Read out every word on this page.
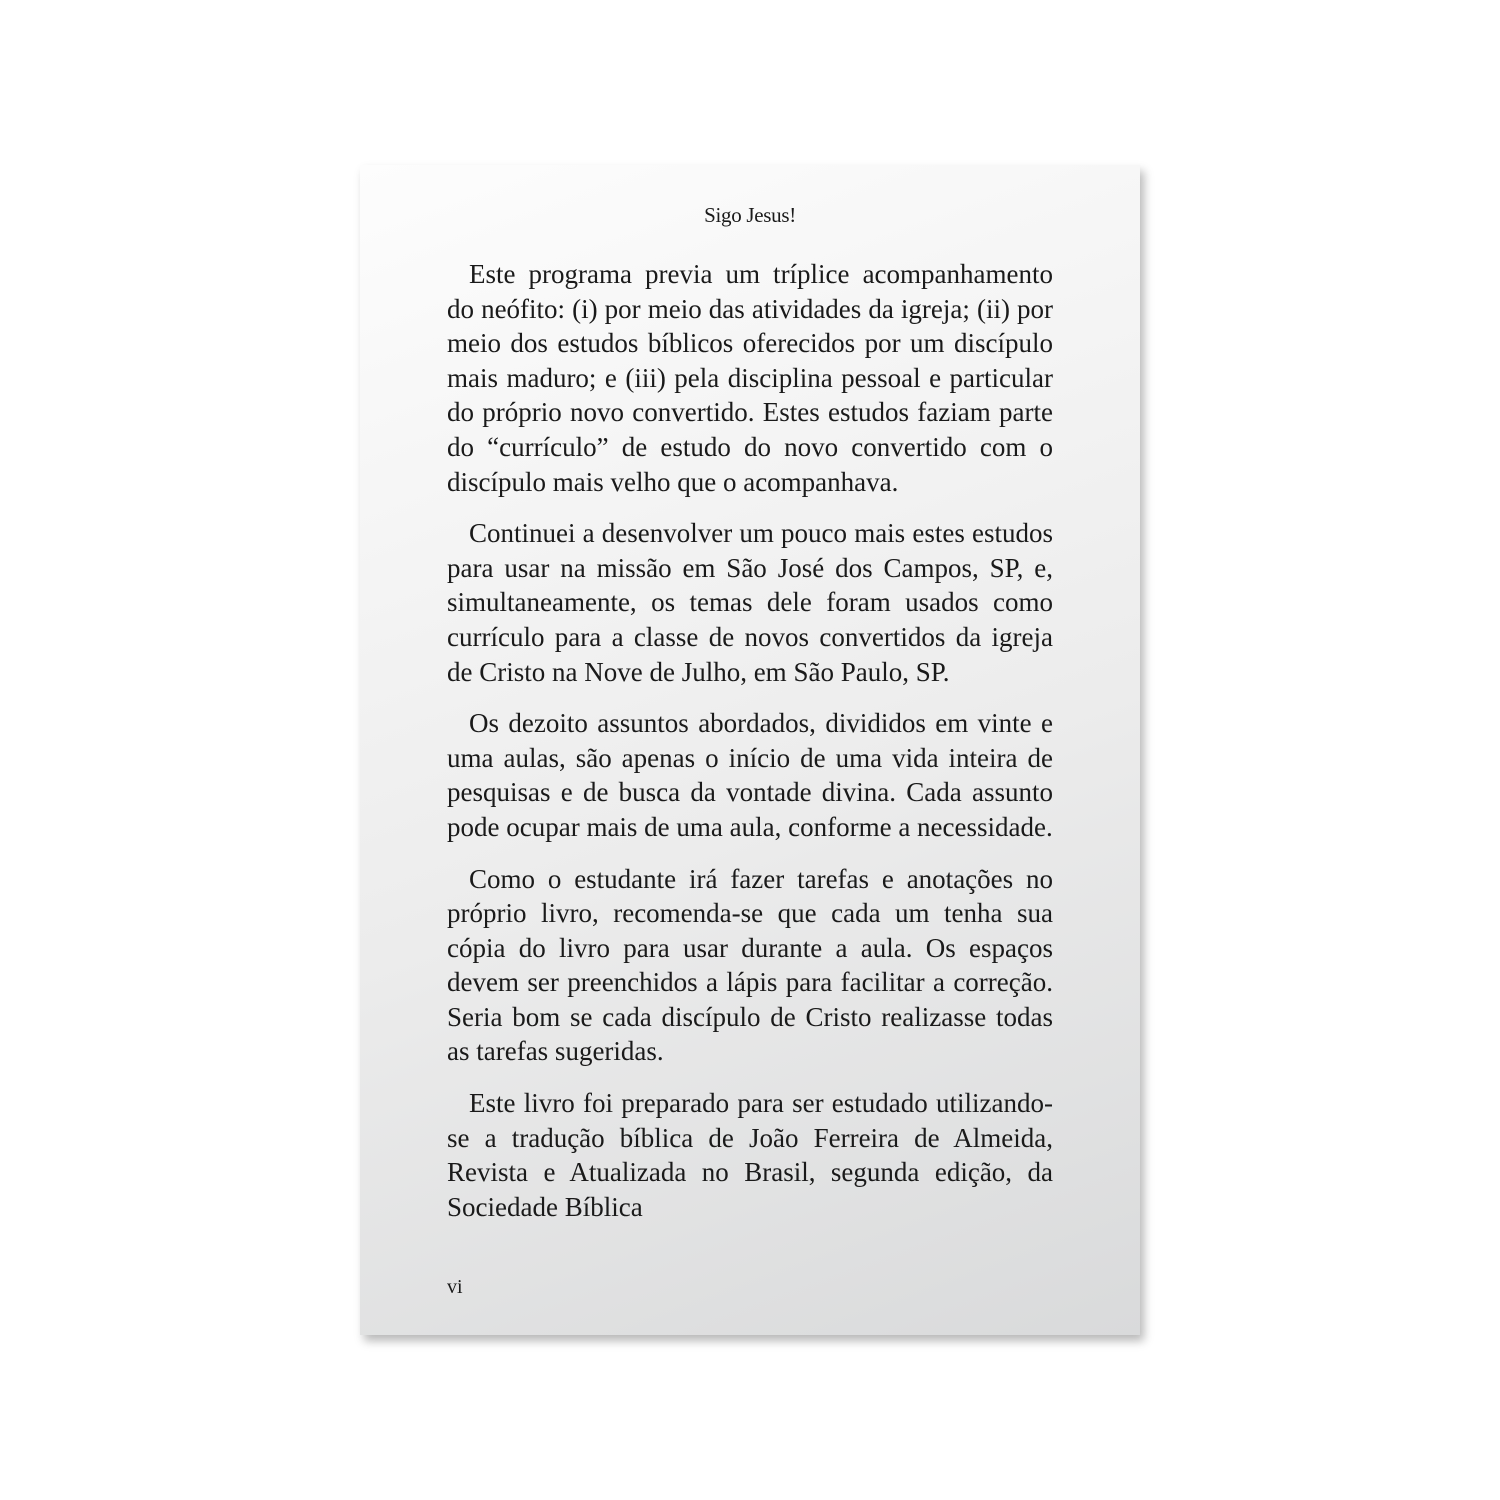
Sigo Jesus!

Este programa previa um tríplice acompanhamento do neófito: (i) por meio das atividades da igreja; (ii) por meio dos estudos bíblicos oferecidos por um discípulo mais maduro; e (iii) pela disciplina pessoal e particular do próprio novo convertido. Estes estudos faziam parte do “currículo” de estudo do novo convertido com o discípulo mais velho que o acompanhava.

Continuei a desenvolver um pouco mais estes estudos para usar na missão em São José dos Campos, SP, e, simultaneamente, os temas dele foram usados como currículo para a classe de novos convertidos da igreja de Cristo na Nove de Julho, em São Paulo, SP.

Os dezoito assuntos abordados, divididos em vinte e uma aulas, são apenas o início de uma vida inteira de pesquisas e de busca da vontade divina. Cada assunto pode ocupar mais de uma aula, conforme a necessidade.

Como o estudante irá fazer tarefas e anotações no próprio livro, recomenda-se que cada um tenha sua cópia do livro para usar durante a aula. Os espaços devem ser preenchidos a lápis para facilitar a correção. Seria bom se cada discípulo de Cristo realizasse todas as tarefas sugeridas.

Este livro foi preparado para ser estudado utilizando-se a tradução bíblica de João Ferreira de Almeida, Revista e Atualizada no Brasil, segunda edição, da Sociedade Bíblica

vi
